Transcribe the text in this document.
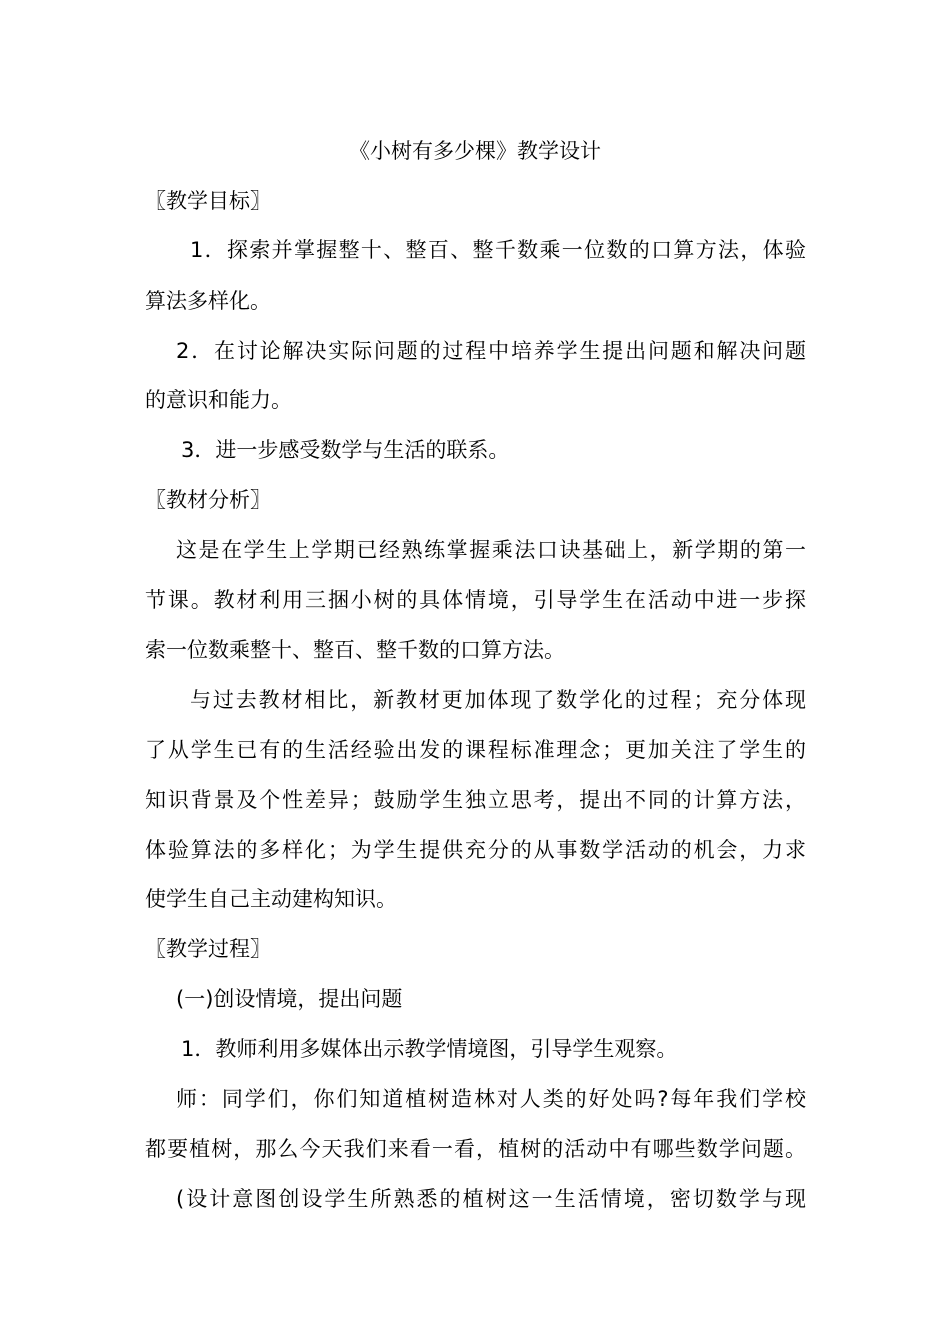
《小树有多少棵》教学设计
〖教学目标〗
1．探索并掌握整十、整百、整千数乘一位数的口算方法，体验
算法多样化。
2．在讨论解决实际问题的过程中培养学生提出问题和解决问题
的意识和能力。
3．进一步感受数学与生活的联系。
〖教材分析〗
这是在学生上学期已经熟练掌握乘法口诀基础上，新学期的第一
节课。教材利用三捆小树的具体情境，引导学生在活动中进一步探
索一位数乘整十、整百、整千数的口算方法。
与过去教材相比，新教材更加体现了数学化的过程；充分体现
了从学生已有的生活经验出发的课程标准理念；更加关注了学生的
知识背景及个性差异；鼓励学生独立思考，提出不同的计算方法，
体验算法的多样化；为学生提供充分的从事数学活动的机会，力求
使学生自己主动建构知识。
〖教学过程〗
(一)创设情境，提出问题
1．教师利用多媒体出示教学情境图，引导学生观察。
师：同学们，你们知道植树造林对人类的好处吗?每年我们学校
都要植树，那么今天我们来看一看，植树的活动中有哪些数学问题。
(设计意图创设学生所熟悉的植树这一生活情境，密切数学与现
